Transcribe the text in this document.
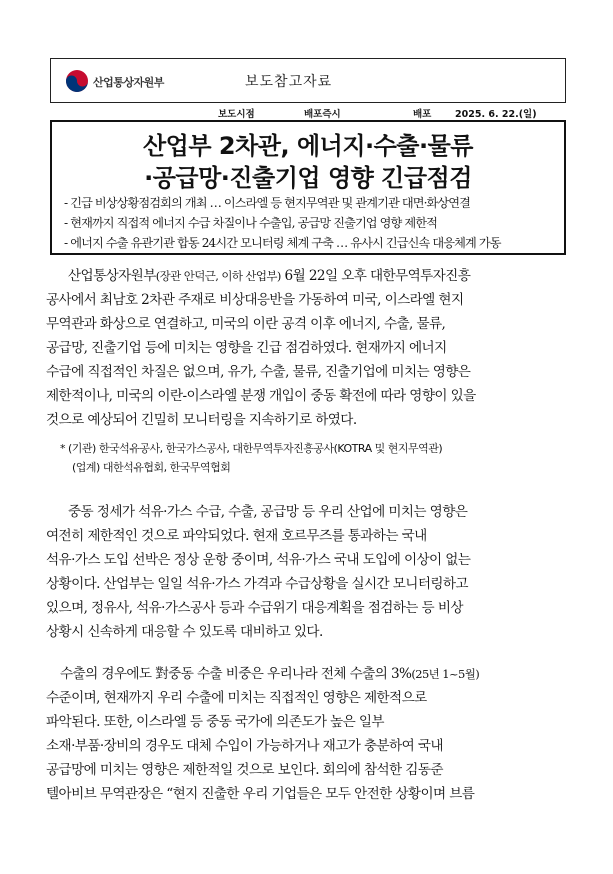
산업통상자원부	보도참고자료
보도시점	배포즉시	배포 2025. 6. 22.(일)
산업부 2차관, 에너지·수출·물류
·공급망·진출기업 영향 긴급점검
- 긴급 비상상황점검회의 개최 … 이스라엘 등 현지무역관 및 관계기관 대면·화상연결
- 현재까지 직접적 에너지 수급 차질이나 수출입, 공급망 진출기업 영향 제한적
- 에너지 수출 유관기관 합동 24시간 모니터링 체계 구축 … 유사시 긴급신속 대응체계 가동
산업통상자원부(장관 안덕근, 이하 산업부) 6월 22일 오후 대한무역투자진흥
공사에서 최남호 2차관 주재로 비상대응반을 가동하여 미국, 이스라엘 현지
무역관과 화상으로 연결하고, 미국의 이란 공격 이후 에너지, 수출, 물류,
공급망, 진출기업 등에 미치는 영향을 긴급 점검하였다. 현재까지 에너지
수급에 직접적인 차질은 없으며, 유가, 수출, 물류, 진출기업에 미치는 영향은
제한적이나, 미국의 이란-이스라엘 분쟁 개입이 중동 확전에 따라 영향이 있을
것으로 예상되어 긴밀히 모니터링을 지속하기로 하였다.
* (기관) 한국석유공사, 한국가스공사, 대한무역투자진흥공사(KOTRA 및 현지무역관)
(업계) 대한석유협회, 한국무역협회
중동 정세가 석유·가스 수급, 수출, 공급망 등 우리 산업에 미치는 영향은
여전히 제한적인 것으로 파악되었다. 현재 호르무즈를 통과하는 국내
석유·가스 도입 선박은 정상 운항 중이며, 석유·가스 국내 도입에 이상이 없는
상황이다. 산업부는 일일 석유·가스 가격과 수급상황을 실시간 모니터링하고
있으며, 정유사, 석유·가스공사 등과 수급위기 대응계획을 점검하는 등 비상
상황시 신속하게 대응할 수 있도록 대비하고 있다.
수출의 경우에도 對중동 수출 비중은 우리나라 전체 수출의 3%(25년 1~5월)
수준이며, 현재까지 우리 수출에 미치는 직접적인 영향은 제한적으로
파악된다. 또한, 이스라엘 등 중동 국가에 의존도가 높은 일부
소재·부품·장비의 경우도 대체 수입이 가능하거나 재고가 충분하여 국내
공급망에 미치는 영향은 제한적일 것으로 보인다. 회의에 참석한 김동준
텔아비브 무역관장은 “현지 진출한 우리 기업들은 모두 안전한 상황이며 브름
